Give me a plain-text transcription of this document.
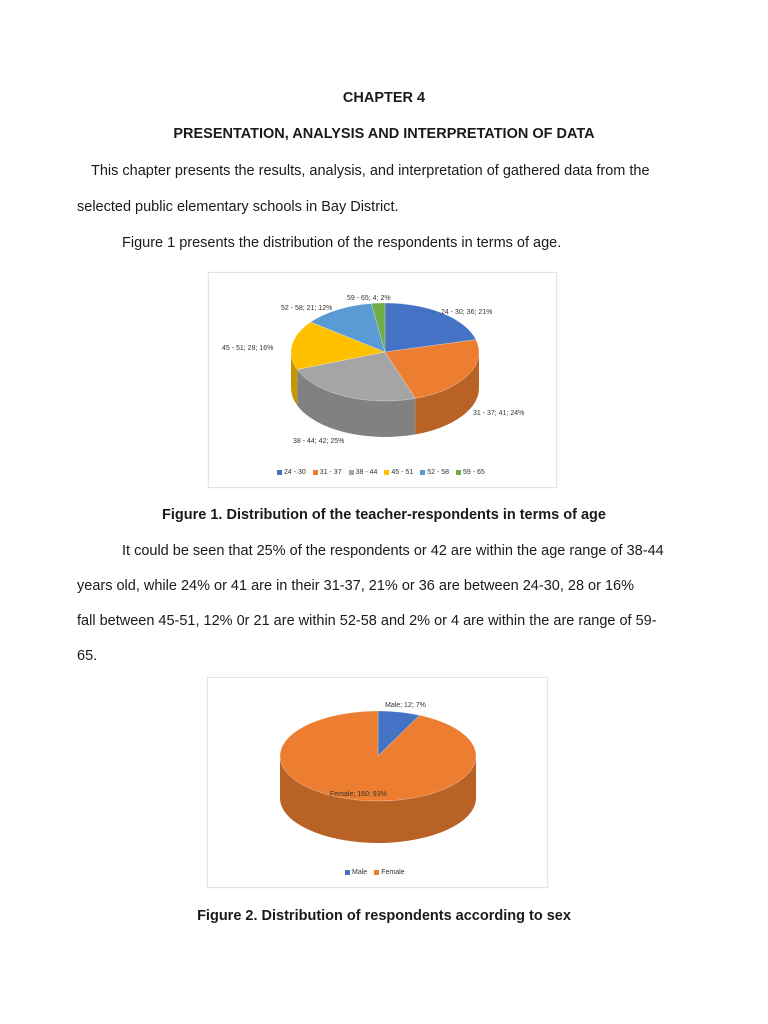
CHAPTER 4
PRESENTATION, ANALYSIS AND INTERPRETATION OF DATA
This chapter presents the results, analysis, and interpretation of gathered data from the
selected public elementary schools in Bay District.
Figure 1 presents the distribution of the respondents in terms of age.
24 - 30; 36; 21%
31 - 37; 41; 24%
38 - 44; 42; 25%
45 - 51; 28; 16%
52 - 58; 21; 12%
59 - 65; 4; 2%
24 - 30 31 - 37 38 - 44 45 - 51 52 - 58 59 - 65
Figure 1. Distribution of the teacher-respondents in terms of age
It could be seen that 25% of the respondents or 42 are within the age range of 38-44
years old, while 24% or 41 are in their 31-37, 21% or 36 are between 24-30, 28 or 16%
fall between 45-51, 12% 0r 21 are within 52-58 and 2% or 4 are within the are range of 59-
65.
Male; 12; 7%
Female; 160; 93%
Male Female
Figure 2. Distribution of respondents according to sex
